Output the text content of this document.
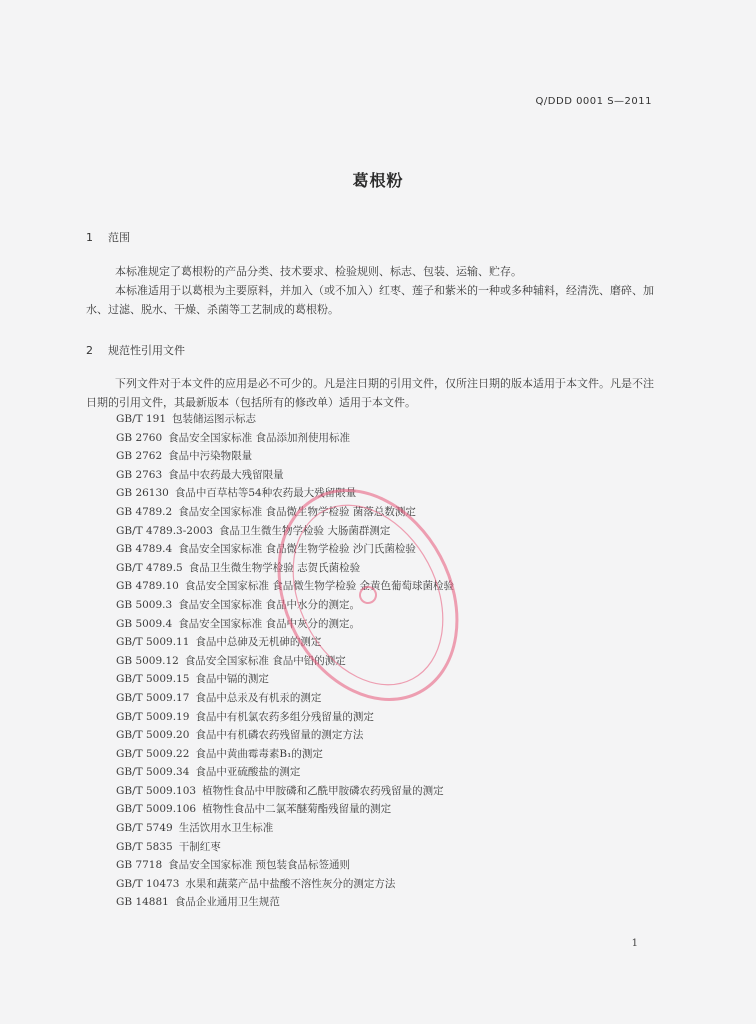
Q/DDD 0001 S—2011
葛根粉
1 范围

本标准规定了葛根粉的产品分类、技术要求、检验规则、标志、包装、运输、贮存。

本标准适用于以葛根为主要原料，并加入（或不加入）红枣、莲子和紫米的一种或多种辅料，经清洗、磨碎、加水、过滤、脱水、干燥、杀菌等工艺制成的葛根粉。

2 规范性引用文件

下列文件对于本文件的应用是必不可少的。凡是注日期的引用文件，仅所注日期的版本适用于本文件。凡是不注日期的引用文件，其最新版本（包括所有的修改单）适用于本文件。

GB/T 191 包装储运图示标志
GB 2760 食品安全国家标准 食品添加剂使用标准
GB 2762 食品中污染物限量
GB 2763 食品中农药最大残留限量
GB 26130 食品中百草枯等54种农药最大残留限量
GB 4789.2 食品安全国家标准 食品微生物学检验 菌落总数测定
GB/T 4789.3-2003 食品卫生微生物学检验 大肠菌群测定
GB 4789.4 食品安全国家标准 食品微生物学检验 沙门氏菌检验
GB/T 4789.5 食品卫生微生物学检验 志贺氏菌检验
GB 4789.10 食品安全国家标准 食品微生物学检验 金黄色葡萄球菌检验
GB 5009.3 食品安全国家标准 食品中水分的测定。
GB 5009.4 食品安全国家标准 食品中灰分的测定。
GB/T 5009.11 食品中总砷及无机砷的测定
GB 5009.12 食品安全国家标准 食品中铅的测定
GB/T 5009.15 食品中镉的测定
GB/T 5009.17 食品中总汞及有机汞的测定
GB/T 5009.19 食品中有机氯农药多组分残留量的测定
GB/T 5009.20 食品中有机磷农药残留量的测定方法
GB/T 5009.22 食品中黄曲霉毒素B₁的测定
GB/T 5009.34 食品中亚硫酸盐的测定
GB/T 5009.103 植物性食品中甲胺磷和乙酰甲胺磷农药残留量的测定
GB/T 5009.106 植物性食品中二氯苯醚菊酯残留量的测定
GB/T 5749 生活饮用水卫生标准
GB/T 5835 干制红枣
GB 7718 食品安全国家标准 预包装食品标签通则
GB/T 10473 水果和蔬菜产品中盐酸不溶性灰分的测定方法
GB 14881 食品企业通用卫生规范
1
